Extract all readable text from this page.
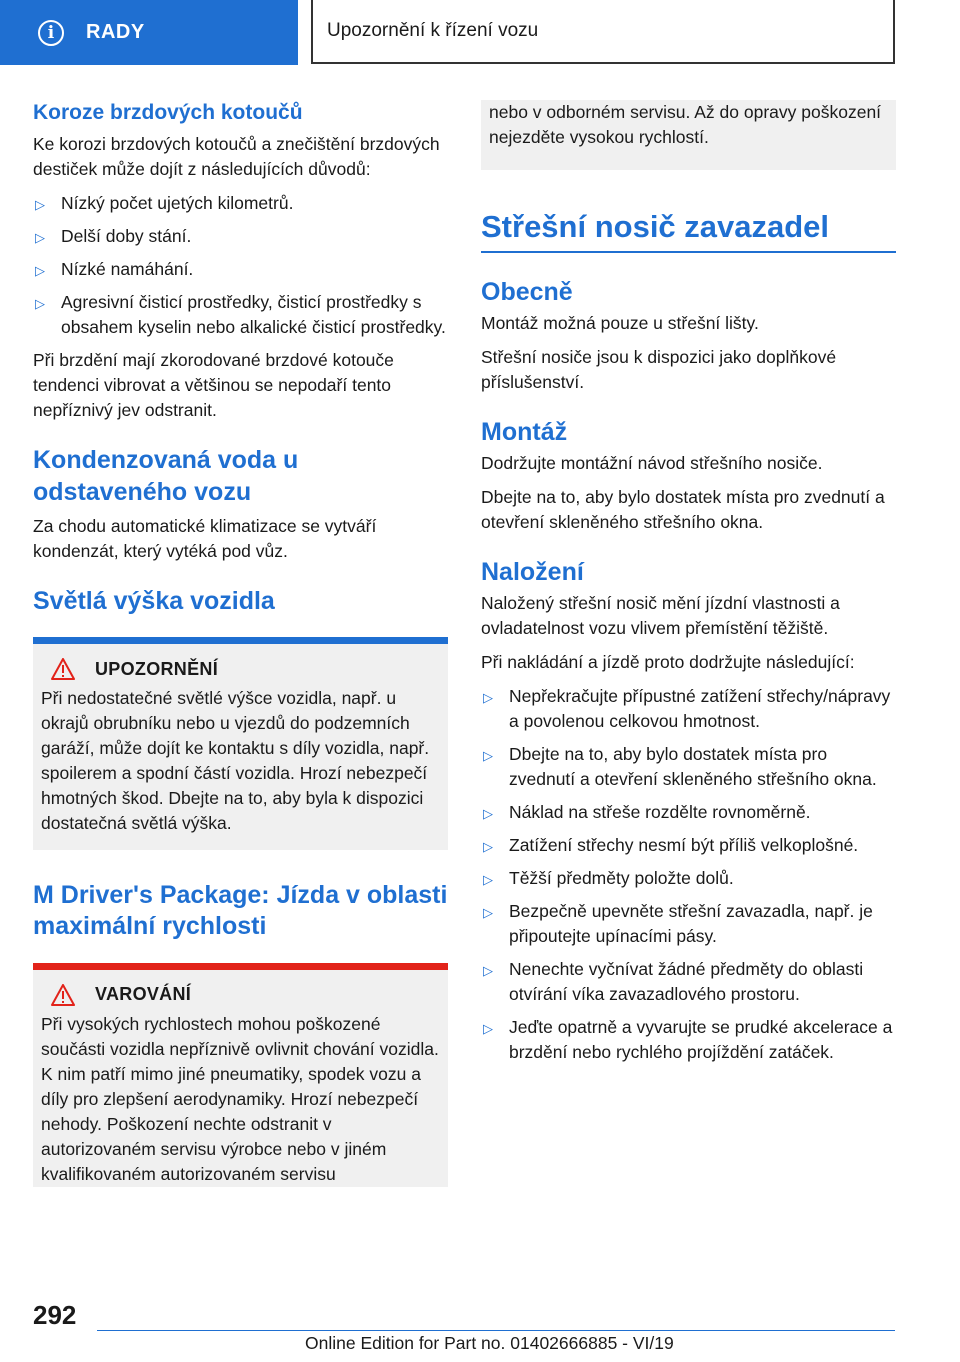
i	RADY	Upozornění k řízení vozu
Koroze brzdových kotoučů

Ke korozi brzdových kotoučů a znečištění brzdových destiček může dojít z následujících důvodů:

▷ Nízký počet ujetých kilometrů.
▷ Delší doby stání.
▷ Nízké namáhání.
▷ Agresivní čisticí prostředky, čisticí prostředky s obsahem kyselin nebo alkalické čisticí prostředky.

Při brzdění mají zkorodované brzdové kotouče tendenci vibrovat a většinou se nepodaří tento nepříznivý jev odstranit.

Kondenzovaná voda u odstaveného vozu

Za chodu automatické klimatizace se vytváří kondenzát, který vytéká pod vůz.

Světlá výška vozidla
UPOZORNĚNÍ

Při nedostatečné světlé výšce vozidla, např. u okrajů obrubníku nebo u vjezdů do podzemních garáží, může dojít ke kontaktu s díly vozidla, např. spoilerem a spodní částí vozidla. Hrozí nebezpečí hmotných škod. Dbejte na to, aby byla k dispozici dostatečná světlá výška.

M Driver's Package: Jízda v oblasti maximální rychlosti
VAROVÁNÍ

Při vysokých rychlostech mohou poškozené součásti vozidla nepříznivě ovlivnit chování vozidla. K nim patří mimo jiné pneumatiky, spodek vozu a díly pro zlepšení aerodynamiky. Hrozí nebezpečí nehody. Poškození nechte odstranit v autorizovaném servisu výrobce nebo v jiném kvalifikovaném autorizovaném servisu

nebo v odborném servisu. Až do opravy poškození nejezděte vysokou rychlostí.

Střešní nosič zavazadel
Obecně

Montáž možná pouze u střešní lišty.

Střešní nosiče jsou k dispozici jako doplňkové příslušenství.

Montáž

Dodržujte montážní návod střešního nosiče.

Dbejte na to, aby bylo dostatek místa pro zvednutí a otevření skleněného střešního okna.

Naložení

Naložený střešní nosič mění jízdní vlastnosti a ovladatelnost vozu vlivem přemístění těžiště.

Při nakládání a jízdě proto dodržujte následující:

▷ Nepřekračujte přípustné zatížení střechy/nápravy a povolenou celkovou hmotnost.
▷ Dbejte na to, aby bylo dostatek místa pro zvednutí a otevření skleněného střešního okna.
▷ Náklad na střeše rozdělte rovnoměrně.
▷ Zatížení střechy nesmí být příliš velkoplošné.
▷ Těžší předměty položte dolů.
▷ Bezpečně upevněte střešní zavazadla, např. je připoutejte upínacími pásy.
▷ Nenechte vyčnívat žádné předměty do oblasti otvírání víka zavazadlového prostoru.
▷ Jeďte opatrně a vyvarujte se prudké akcelerace a brzdění nebo rychlého projíždění zatáček.
292
Online Edition for Part no. 01402666885 - VI/19
